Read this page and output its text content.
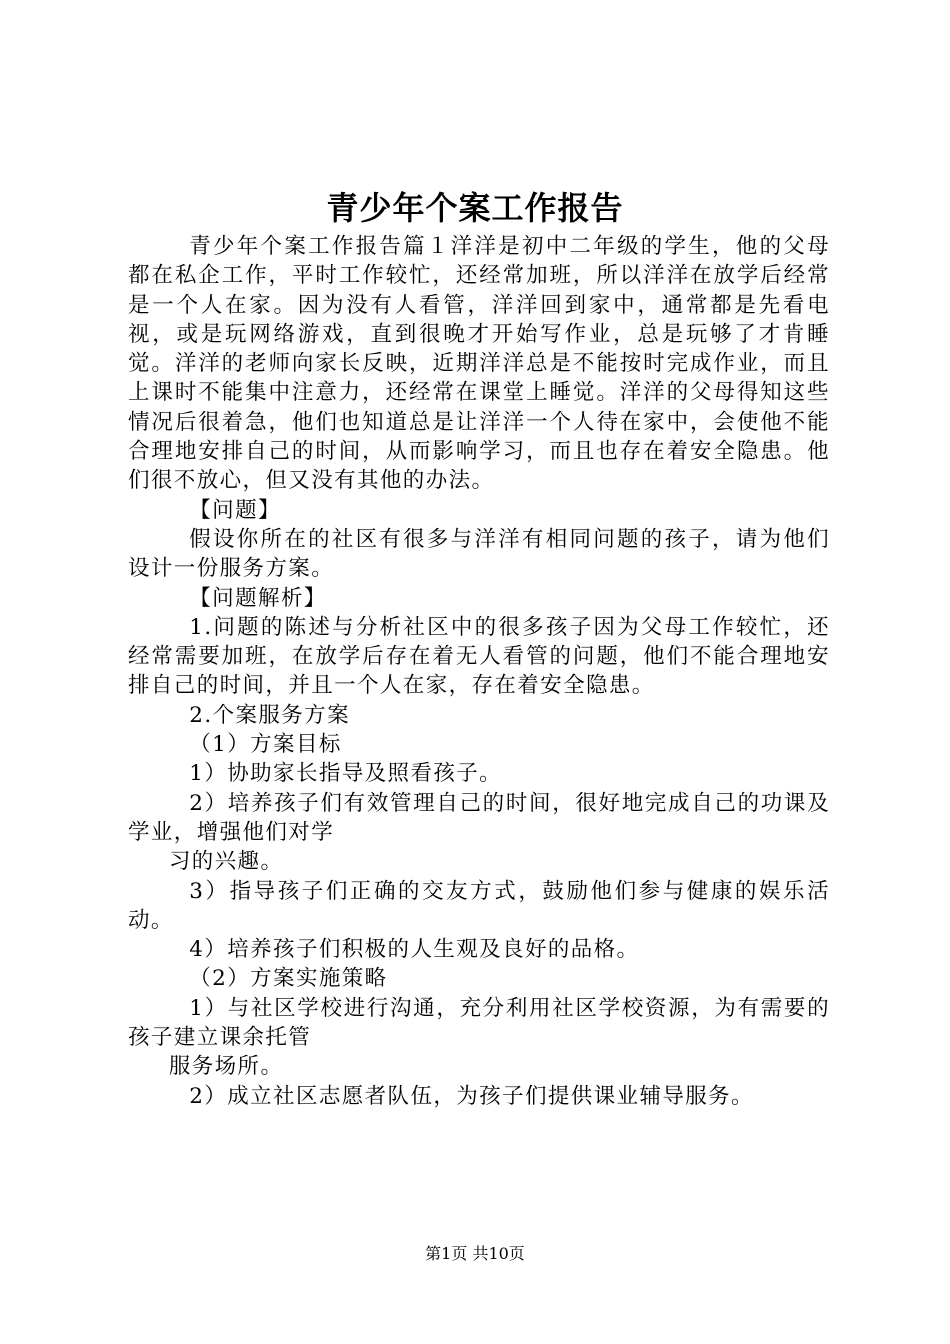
青少年个案工作报告

青少年个案工作报告篇１洋洋是初中二年级的学生，他的父母都在私企工作，平时工作较忙，还经常加班，所以洋洋在放学后经常是一个人在家。因为没有人看管，洋洋回到家中，通常都是先看电视，或是玩网络游戏，直到很晚才开始写作业，总是玩够了才肯睡觉。洋洋的老师向家长反映，近期洋洋总是不能按时完成作业，而且上课时不能集中注意力，还经常在课堂上睡觉。洋洋的父母得知这些情况后很着急，他们也知道总是让洋洋一个人待在家中，会使他不能合理地安排自己的时间，从而影响学习，而且也存在着安全隐患。他们很不放心，但又没有其他的办法。

【问题】

假设你所在的社区有很多与洋洋有相同问题的孩子，请为他们设计一份服务方案。

【问题解析】

1.问题的陈述与分析社区中的很多孩子因为父母工作较忙，还经常需要加班，在放学后存在着无人看管的问题，他们不能合理地安排自己的时间，并且一个人在家，存在着安全隐患。

2.个案服务方案

（1）方案目标

1）协助家长指导及照看孩子。

2）培养孩子们有效管理自己的时间，很好地完成自己的功课及学业，增强他们对学

习的兴趣。

3）指导孩子们正确的交友方式，鼓励他们参与健康的娱乐活动。

4）培养孩子们积极的人生观及良好的品格。

（2）方案实施策略

1）与社区学校进行沟通，充分利用社区学校资源，为有需要的孩子建立课余托管

服务场所。

2）成立社区志愿者队伍，为孩子们提供课业辅导服务。

第1页 共10页
